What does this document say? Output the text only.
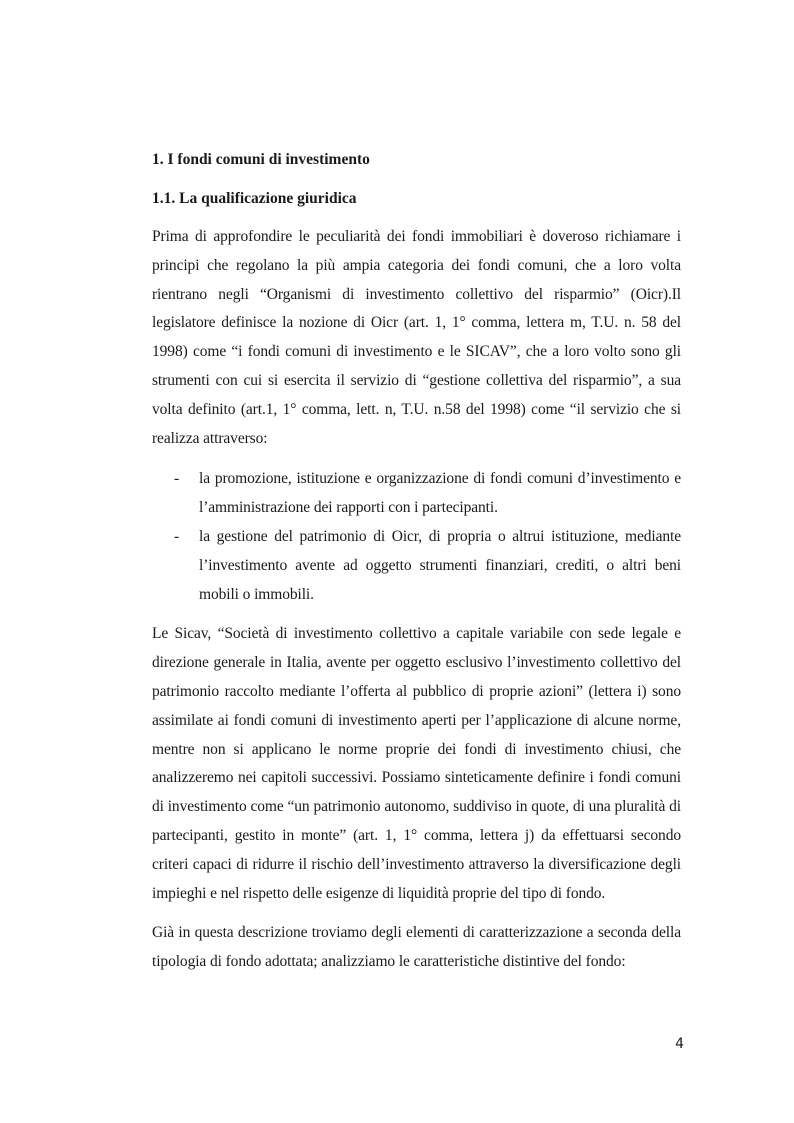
1. I fondi comuni di investimento
1.1. La qualificazione giuridica

Prima di approfondire le peculiarità dei fondi immobiliari è doveroso richiamare i principi che regolano la più ampia categoria dei fondi comuni, che a loro volta rientrano negli “Organismi di investimento collettivo del risparmio” (Oicr).Il legislatore definisce la nozione di Oicr (art. 1, 1° comma, lettera m, T.U. n. 58 del 1998) come “i fondi comuni di investimento e le SICAV”, che a loro volto sono gli strumenti con cui si esercita il servizio di “gestione collettiva del risparmio”, a sua volta definito (art.1, 1° comma, lett. n, T.U. n.58 del 1998) come “il servizio che si realizza attraverso:

- la promozione, istituzione e organizzazione di fondi comuni d’investimento e l’amministrazione dei rapporti con i partecipanti.
- la gestione del patrimonio di Oicr, di propria o altrui istituzione, mediante l’investimento avente ad oggetto strumenti finanziari, crediti, o altri beni mobili o immobili.

Le Sicav, “Società di investimento collettivo a capitale variabile con sede legale e direzione generale in Italia, avente per oggetto esclusivo l’investimento collettivo del patrimonio raccolto mediante l’offerta al pubblico di proprie azioni” (lettera i) sono assimilate ai fondi comuni di investimento aperti per l’applicazione di alcune norme, mentre non si applicano le norme proprie dei fondi di investimento chiusi, che analizzeremo nei capitoli successivi. Possiamo sinteticamente definire i fondi comuni di investimento come “un patrimonio autonomo, suddiviso in quote, di una pluralità di partecipanti, gestito in monte” (art. 1, 1° comma, lettera j) da effettuarsi secondo criteri capaci di ridurre il rischio dell’investimento attraverso la diversificazione degli impieghi e nel rispetto delle esigenze di liquidità proprie del tipo di fondo.

Già in questa descrizione troviamo degli elementi di caratterizzazione a seconda della tipologia di fondo adottata; analizziamo le caratteristiche distintive del fondo:

4
